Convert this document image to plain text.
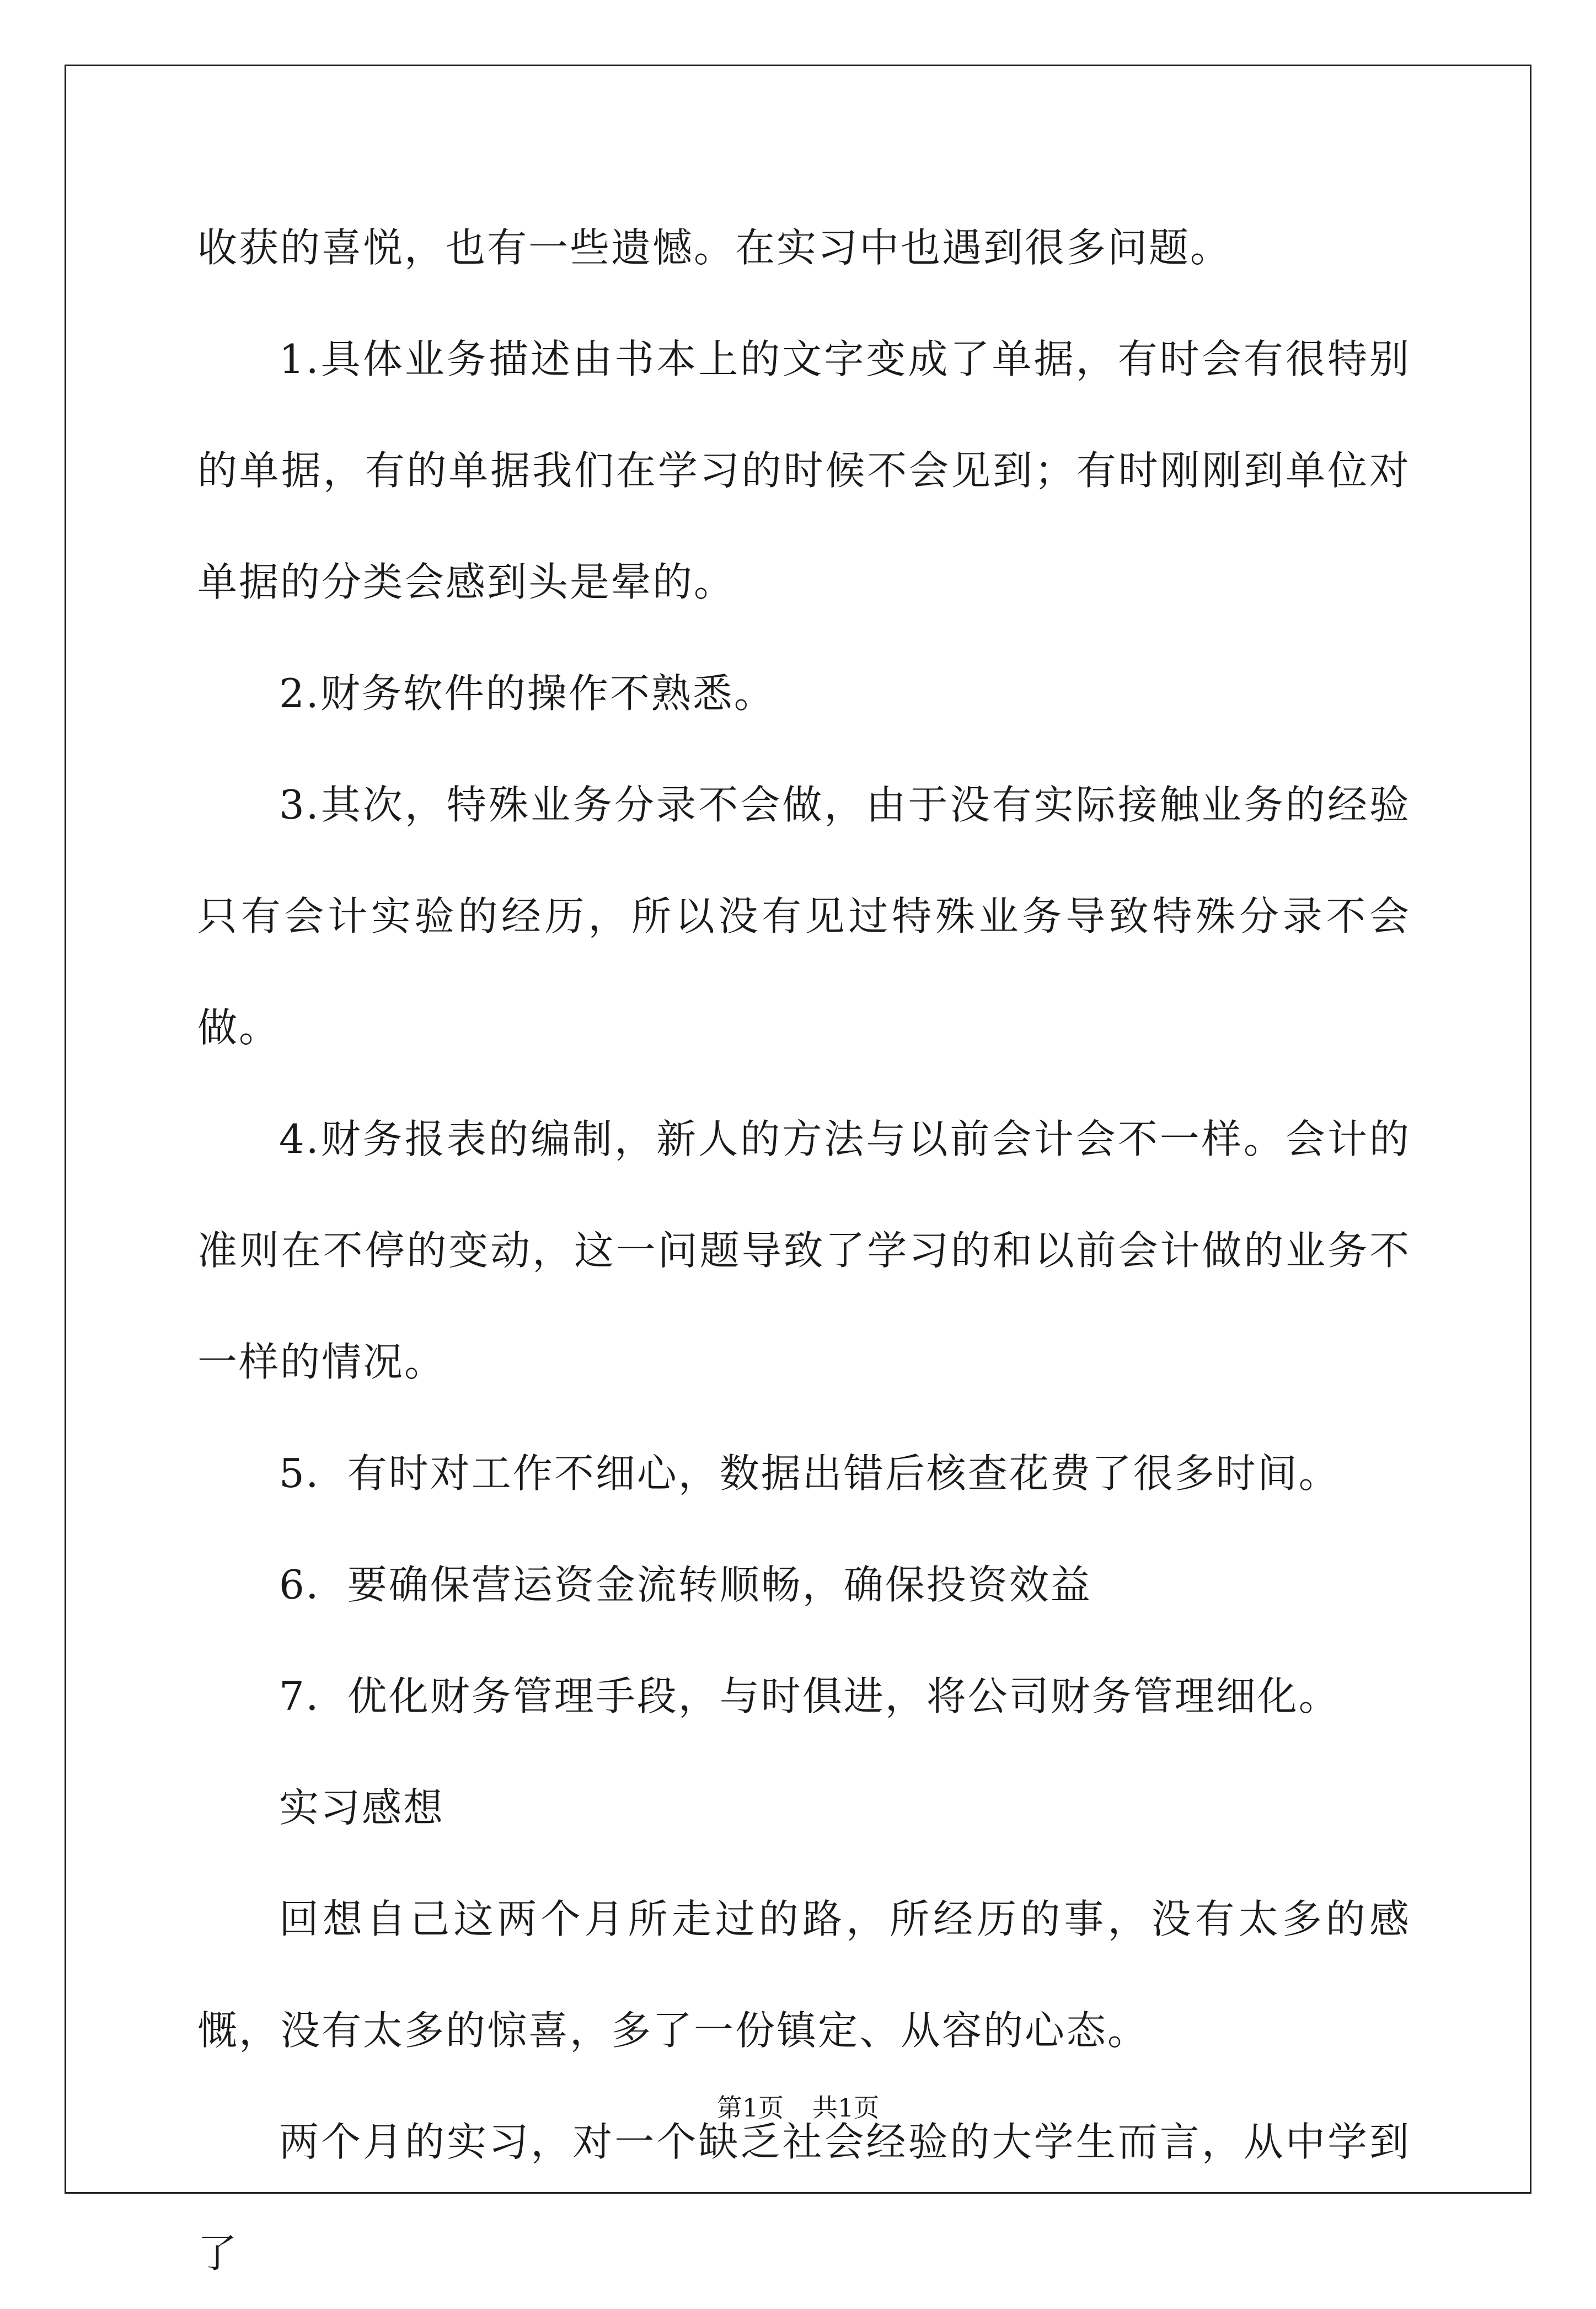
收获的喜悦，也有一些遗憾。在实习中也遇到很多问题。

1.具体业务描述由书本上的文字变成了单据，有时会有很特别的单据，有的单据我们在学习的时候不会见到；有时刚刚到单位对单据的分类会感到头是晕的。

2.财务软件的操作不熟悉。

3.其次，特殊业务分录不会做，由于没有实际接触业务的经验只有会计实验的经历，所以没有见过特殊业务导致特殊分录不会做。

4.财务报表的编制，新人的方法与以前会计会不一样。会计的准则在不停的变动，这一问题导致了学习的和以前会计做的业务不一样的情况。

5．有时对工作不细心，数据出错后核查花费了很多时间。

6．要确保营运资金流转顺畅，确保投资效益

7．优化财务管理手段，与时俱进，将公司财务管理细化。

实习感想

回想自己这两个月所走过的路，所经历的事，没有太多的感慨，没有太多的惊喜，多了一份镇定、从容的心态。

两个月的实习，对一个缺乏社会经验的大学生而言，从中学到了

第1页 共1页
